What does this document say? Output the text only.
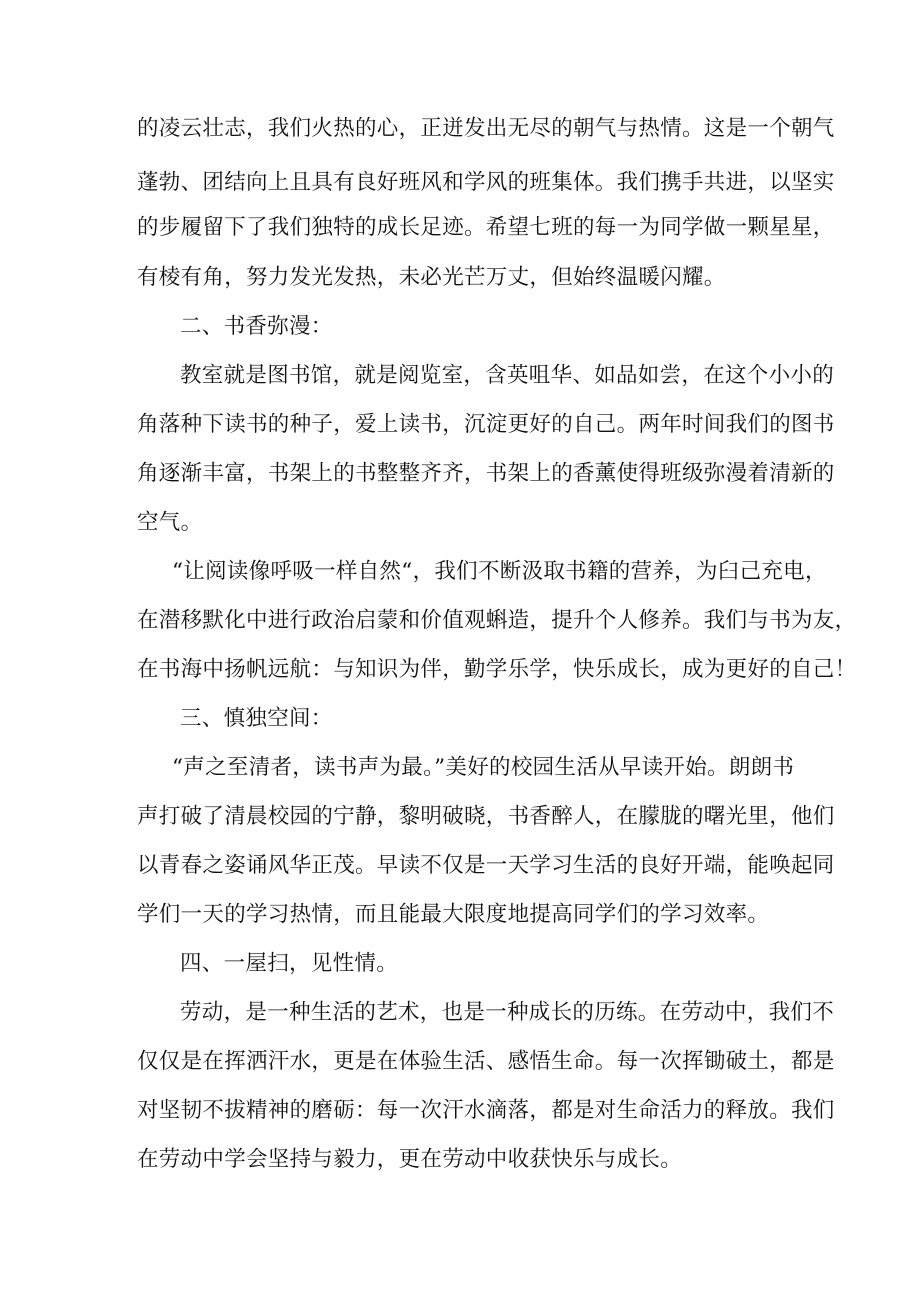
的凌云壮志，我们火热的心，正迸发出无尽的朝气与热情。这是一个朝气
蓬勃、团结向上且具有良好班风和学风的班集体。我们携手共进，以坚实
的步履留下了我们独特的成长足迹。希望七班的每一为同学做一颗星星，
有棱有角，努力发光发热，未必光芒万丈，但始终温暖闪耀。
二、书香弥漫：
教室就是图书馆，就是阅览室，含英咀华、如品如尝，在这个小小的
角落种下读书的种子，爱上读书，沉淀更好的自己。两年时间我们的图书
角逐渐丰富，书架上的书整整齐齐，书架上的香薰使得班级弥漫着清新的
空气。
“让阅读像呼吸一样自然“，我们不断汲取书籍的营养，为臼己充电，
在潜移默化中进行政治启蒙和价值观蝌造，提升个人修养。我们与书为友，
在书海中扬帆远航：与知识为伴，勤学乐学，快乐成长，成为更好的自己！
三、慎独空间：
“声之至清者，读书声为最。”美好的校园生活从早读开始。朗朗书
声打破了清晨校园的宁静，黎明破晓，书香醉人，在朦胧的曙光里，他们
以青春之姿诵风华正茂。早读不仅是一天学习生活的良好开端，能唤起同
学们一天的学习热情，而且能最大限度地提高同学们的学习效率。
四、一屋扫，见性情。
劳动，是一种生活的艺术，也是一种成长的历练。在劳动中，我们不
仅仅是在挥洒汗水，更是在体验生活、感悟生命。每一次挥锄破土，都是
对坚韧不拔精神的磨砺：每一次汗水滴落，都是对生命活力的释放。我们
在劳动中学会坚持与毅力，更在劳动中收获快乐与成长。
